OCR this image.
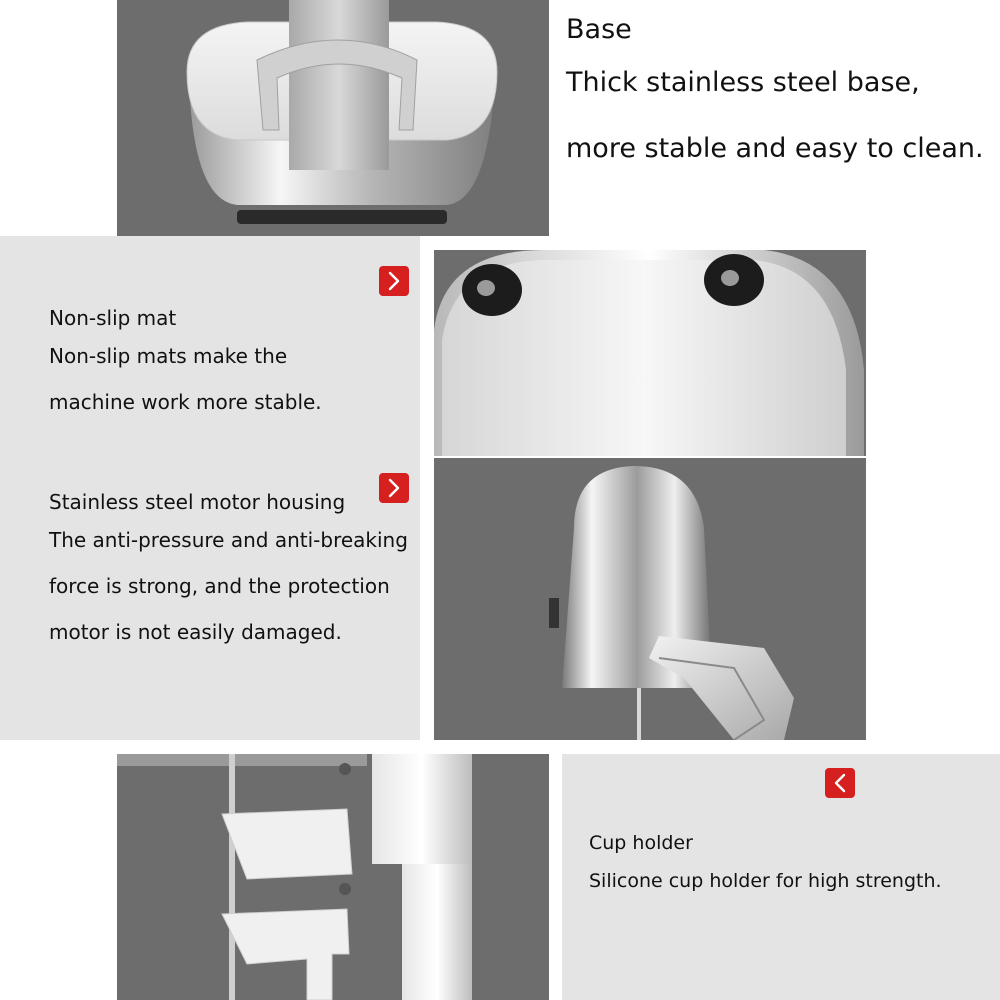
Base

Thick stainless steel base,

more stable and easy to clean.

Non-slip mat

Non-slip mats make the

machine work more stable.

Stainless steel motor housing

The anti-pressure and anti-breaking

force is strong, and the protection

motor is not easily damaged.

Cup holder

Silicone cup holder for high strength.
